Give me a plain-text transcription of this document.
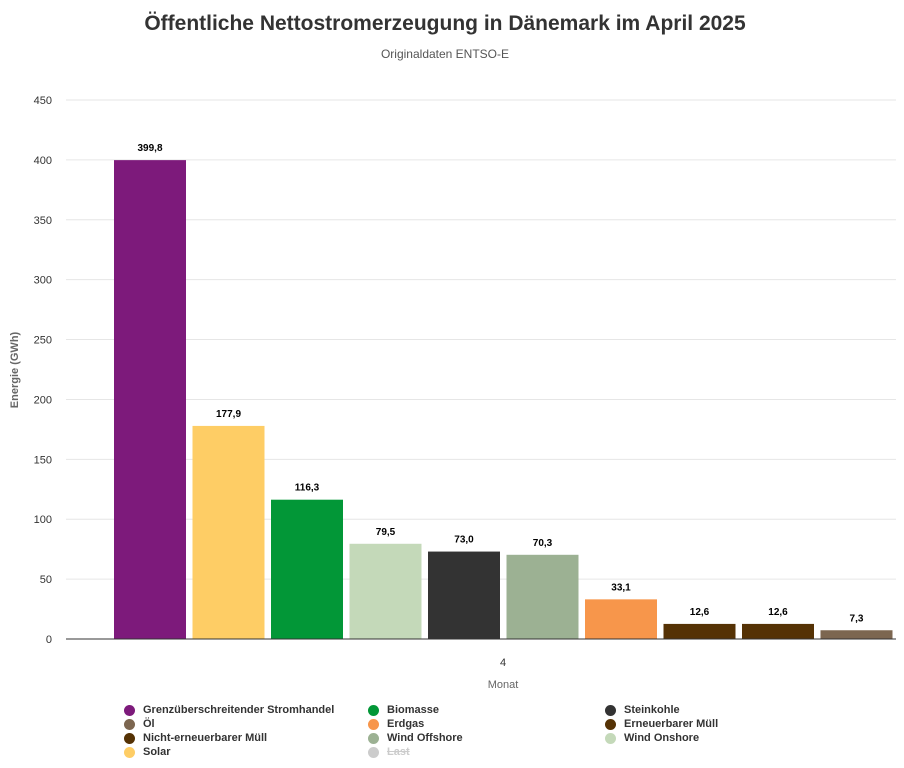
Öffentliche Nettostromerzeugung in Dänemark im April 2025
Originaldaten ENTSO-E
0
50
100
150
200
250
300
350
400
450
399,8
177,9
116,3
79,5
73,0	70,3
33,1
12,6	12,6
7,3
4
Monat
Energie (GWh)
Grenzüberschreitender Stromhandel	Biomasse	Steinkohle
Öl	Erdgas	Erneuerbarer Müll
Nicht-erneuerbarer Müll	Wind Offshore	Wind Onshore
Solar	Last
